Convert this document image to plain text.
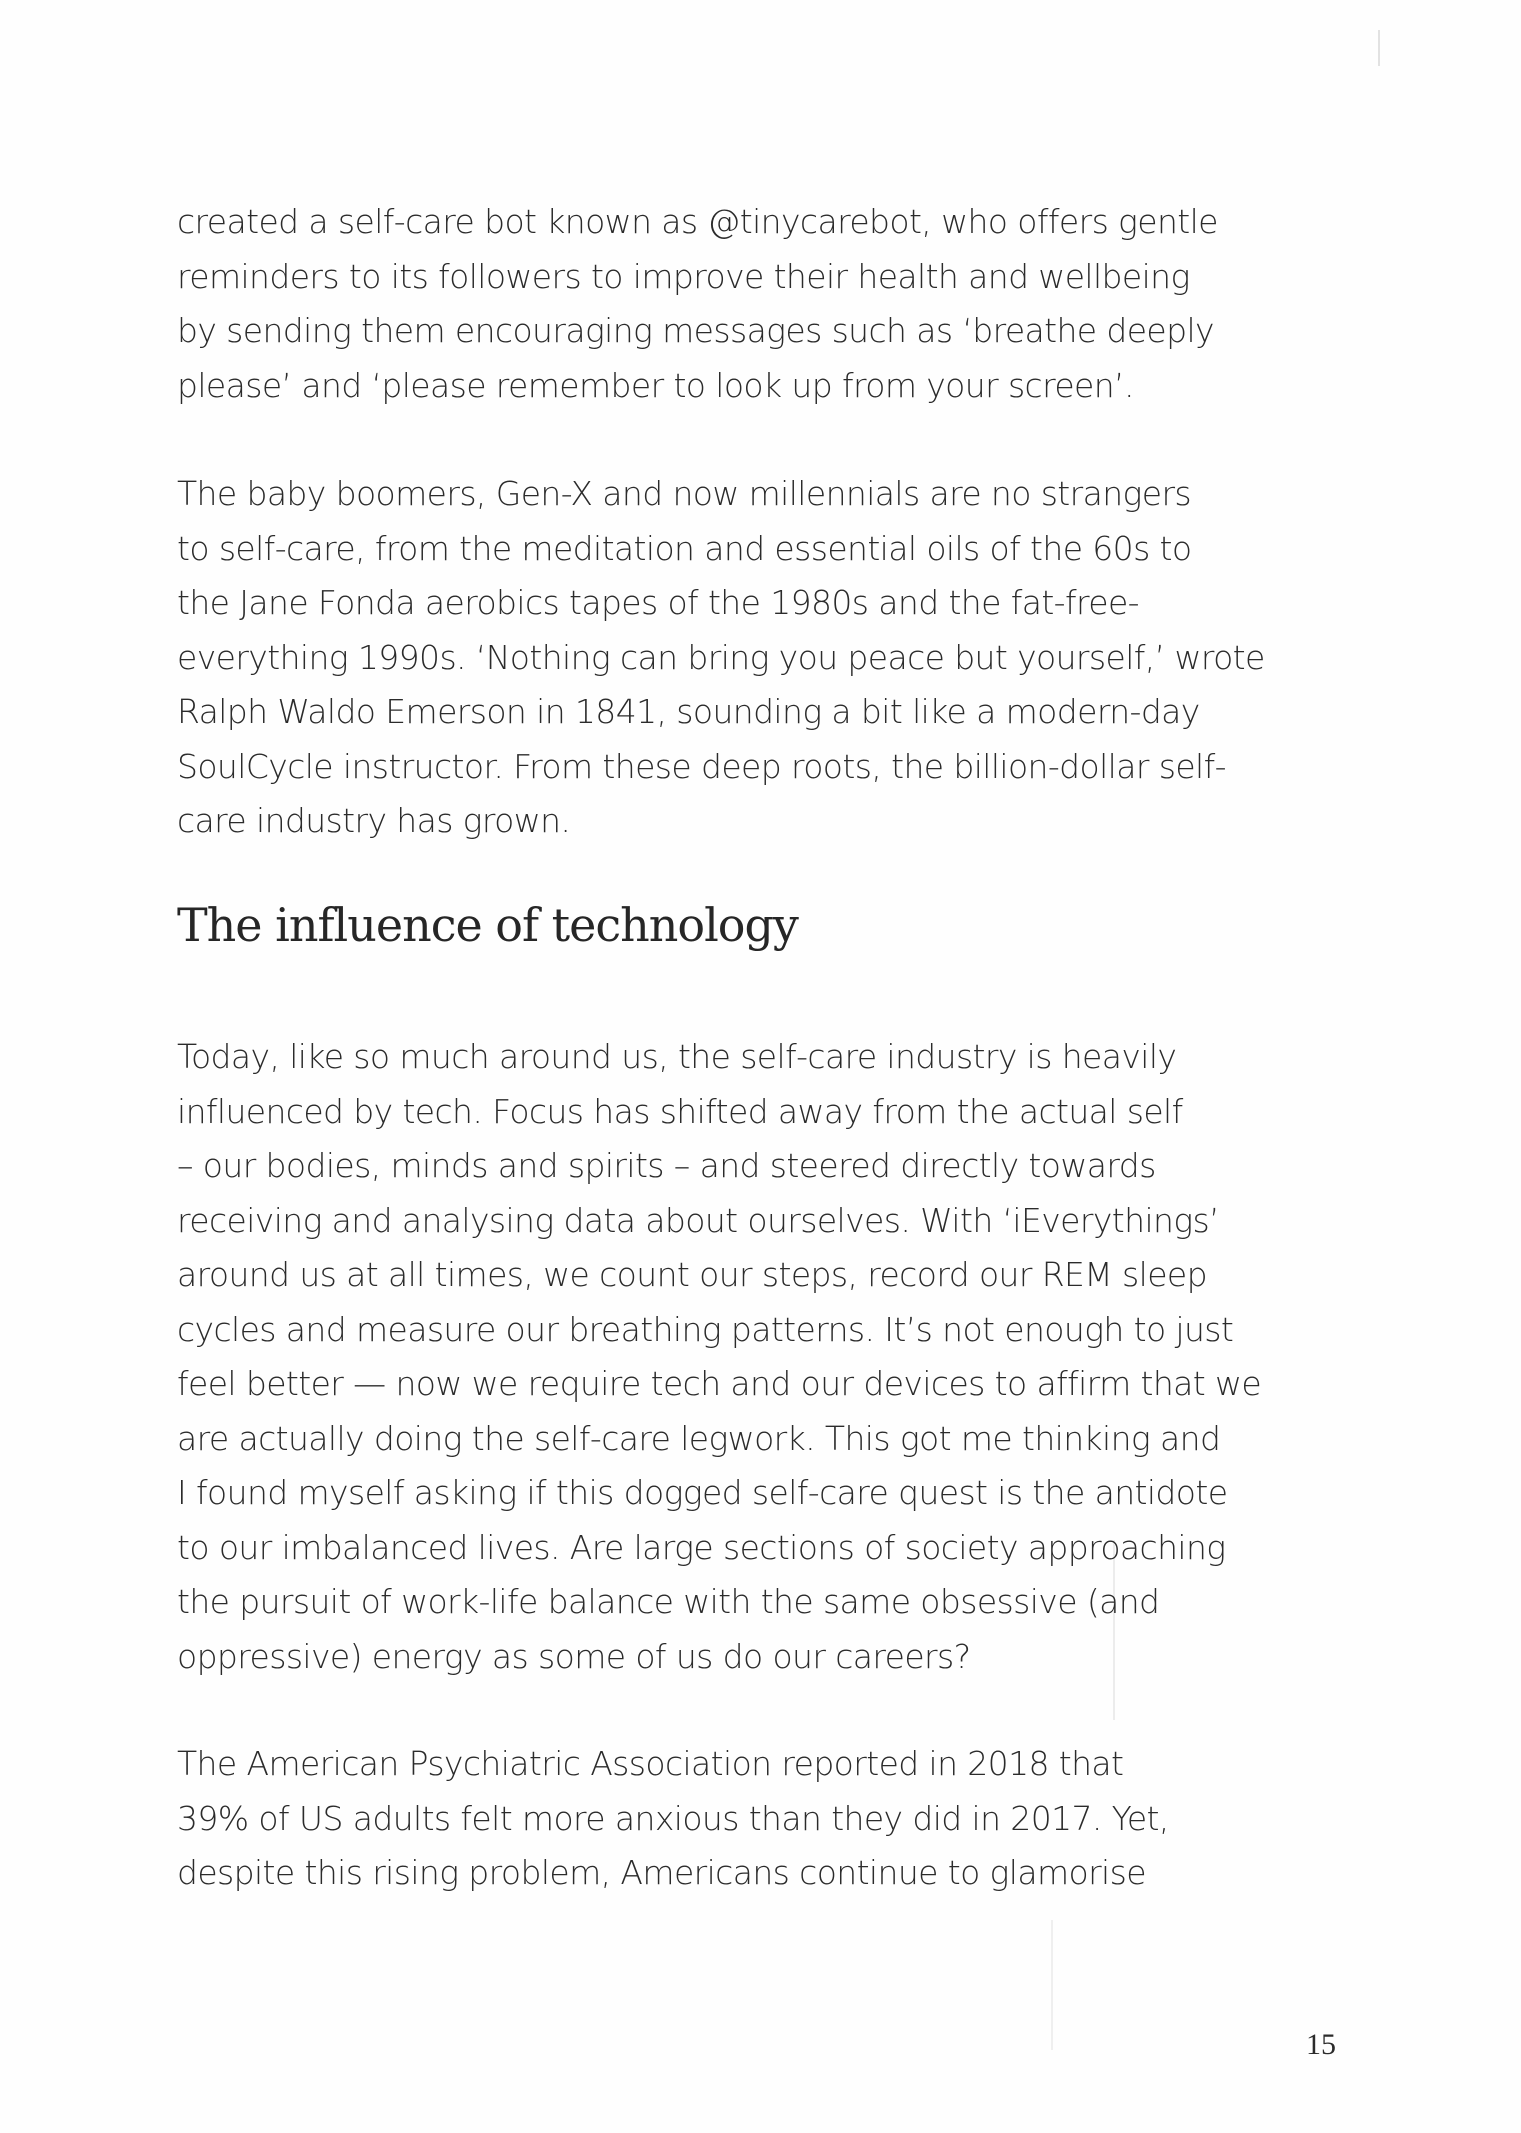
created a self-care bot known as @tinycarebot, who offers gentle
reminders to its followers to improve their health and wellbeing
by sending them encouraging messages such as ‘breathe deeply
please’ and ‘please remember to look up from your screen’.
The baby boomers, Gen-X and now millennials are no strangers
to self-care, from the meditation and essential oils of the 60s to
the Jane Fonda aerobics tapes of the 1980s and the fat-free-
everything 1990s. ‘Nothing can bring you peace but yourself,’ wrote
Ralph Waldo Emerson in 1841, sounding a bit like a modern-day
SoulCycle instructor. From these deep roots, the billion-dollar self-
care industry has grown.
The influence of technology
Today, like so much around us, the self-care industry is heavily
influenced by tech. Focus has shifted away from the actual self
– our bodies, minds and spirits – and steered directly towards
receiving and analysing data about ourselves. With ‘iEverythings’
around us at all times, we count our steps, record our REM sleep
cycles and measure our breathing patterns. It’s not enough to just
feel better — now we require tech and our devices to affirm that we
are actually doing the self-care legwork. This got me thinking and
I found myself asking if this dogged self-care quest is the antidote
to our imbalanced lives. Are large sections of society approaching
the pursuit of work-life balance with the same obsessive (and
oppressive) energy as some of us do our careers?
The American Psychiatric Association reported in 2018 that
39% of US adults felt more anxious than they did in 2017. Yet,
despite this rising problem, Americans continue to glamorise
15
